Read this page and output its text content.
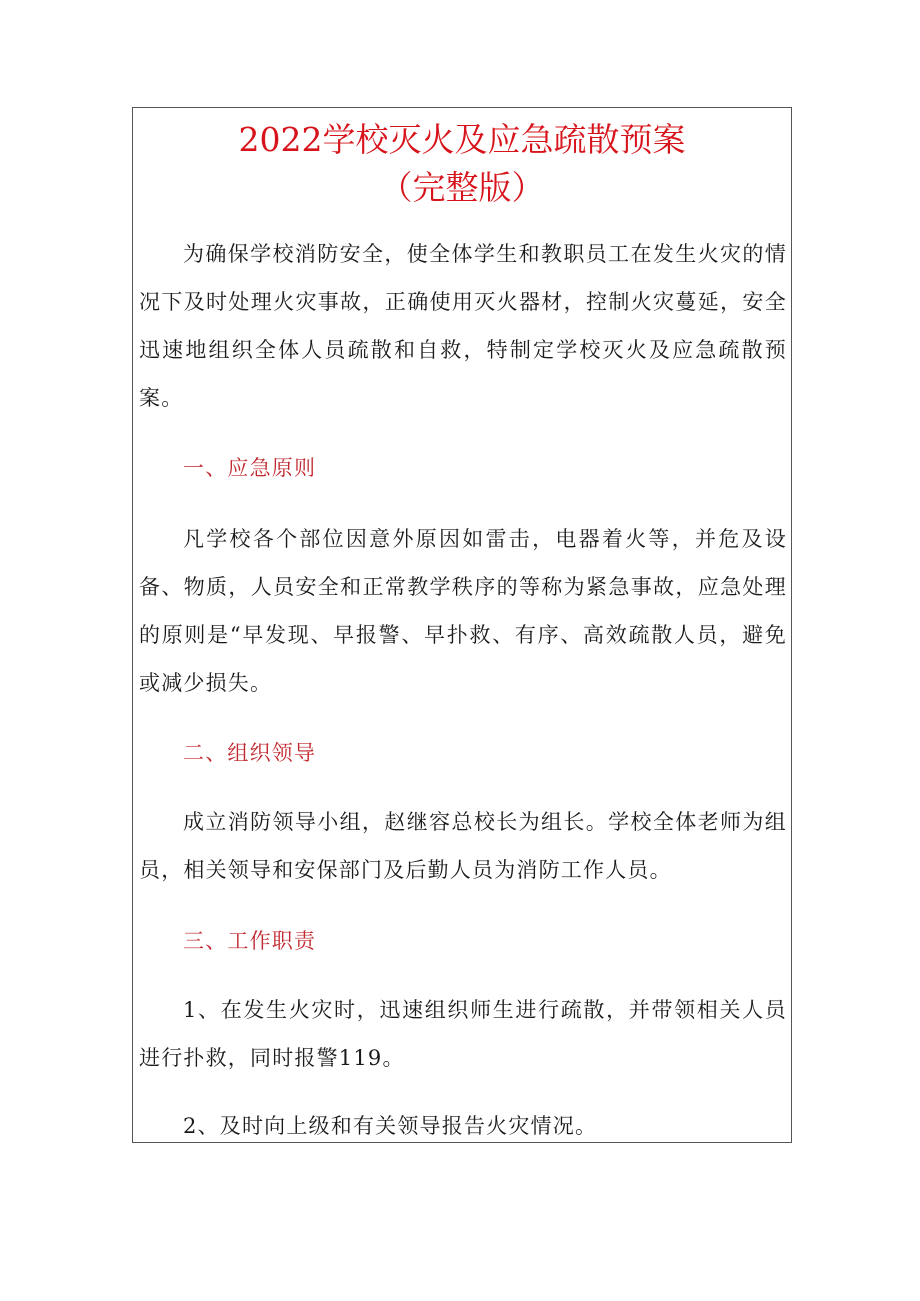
2022学校灭火及应急疏散预案
（完整版）

为确保学校消防安全，使全体学生和教职员工在发生火灾的情况下及时处理火灾事故，正确使用灭火器材，控制火灾蔓延，安全迅速地组织全体人员疏散和自救，特制定学校灭火及应急疏散预案。

一、应急原则

凡学校各个部位因意外原因如雷击，电器着火等，并危及设备、物质，人员安全和正常教学秩序的等称为紧急事故，应急处理的原则是“早发现、早报警、早扑救、有序、高效疏散人员，避免或减少损失。

二、组织领导

成立消防领导小组，赵继容总校长为组长。学校全体老师为组员，相关领导和安保部门及后勤人员为消防工作人员。

三、工作职责

1、在发生火灾时，迅速组织师生进行疏散，并带领相关人员进行扑救，同时报警119。

2、及时向上级和有关领导报告火灾情况。
